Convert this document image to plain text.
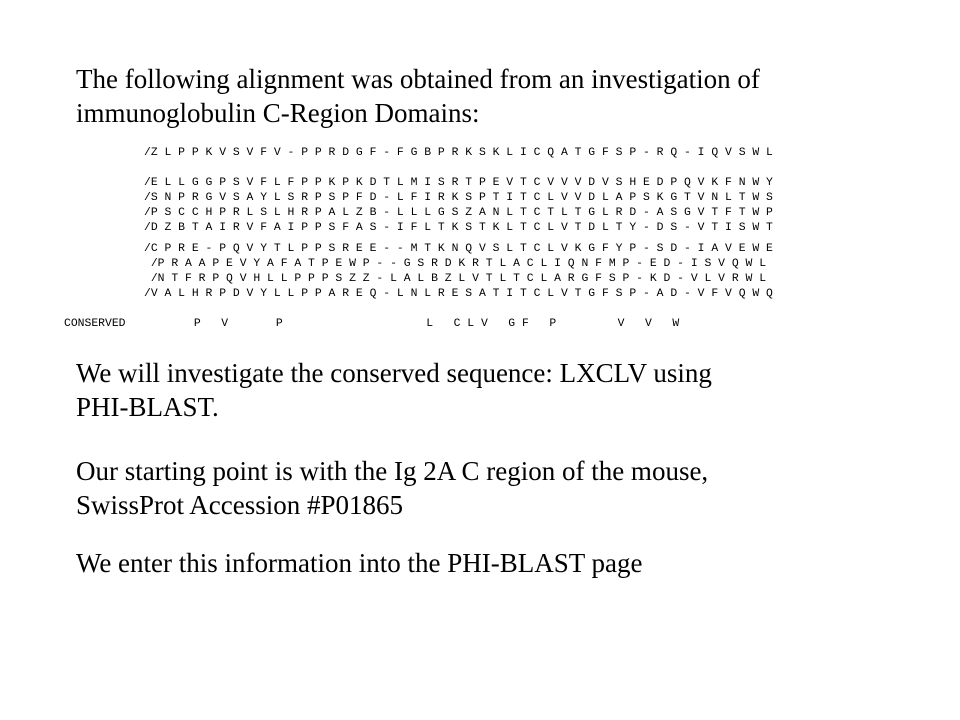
The following alignment was obtained from an investigation of
immunoglobulin C-Region Domains:

/Z L P P K V S V F V - P P R D G F - F G B P R K S K L I C Q A T G F S P - R Q - I Q V S W L
/E L L G G P S V F L F P P K P K D T L M I S R T P E V T C V V V D V S H E D P Q V K F N W Y
/S N P R G V S A Y L S R P S P F D - L F I R K S P T I T C L V V D L A P S K G T V N L T W S
/P S C C H P R L S L H R P A L Z B - L L L G S Z A N L T C T L T G L R D - A S G V T F T W P
/D Z B T A I R V F A I P P S F A S - I F L T K S T K L T C L V T D L T Y - D S - V T I S W T
/C P R E - P Q V Y T L P P S R E E - - M T K N Q V S L T C L V K G F Y P - S D - I A V E W E
/P R A A P E V Y A F A T P E W P - - G S R D K R T L A C L I Q N F M P - E D - I S V Q W L
/N T F R P Q V H L L P P P S Z Z - L A L B Z L V T L T C L A R G F S P - K D - V L V R W L
/V A L H R P D V Y L L P P A R E Q - L N L R E S A T I T C L V T G F S P - A D - V F V Q W Q
CONSERVED          P   V       P                     L   C L V   G F   P         V   V   W

We will investigate the conserved sequence: LXCLV using
PHI-BLAST.

Our starting point is with the Ig 2A C region of the mouse,
SwissProt Accession #P01865

We enter this information into the PHI-BLAST page
